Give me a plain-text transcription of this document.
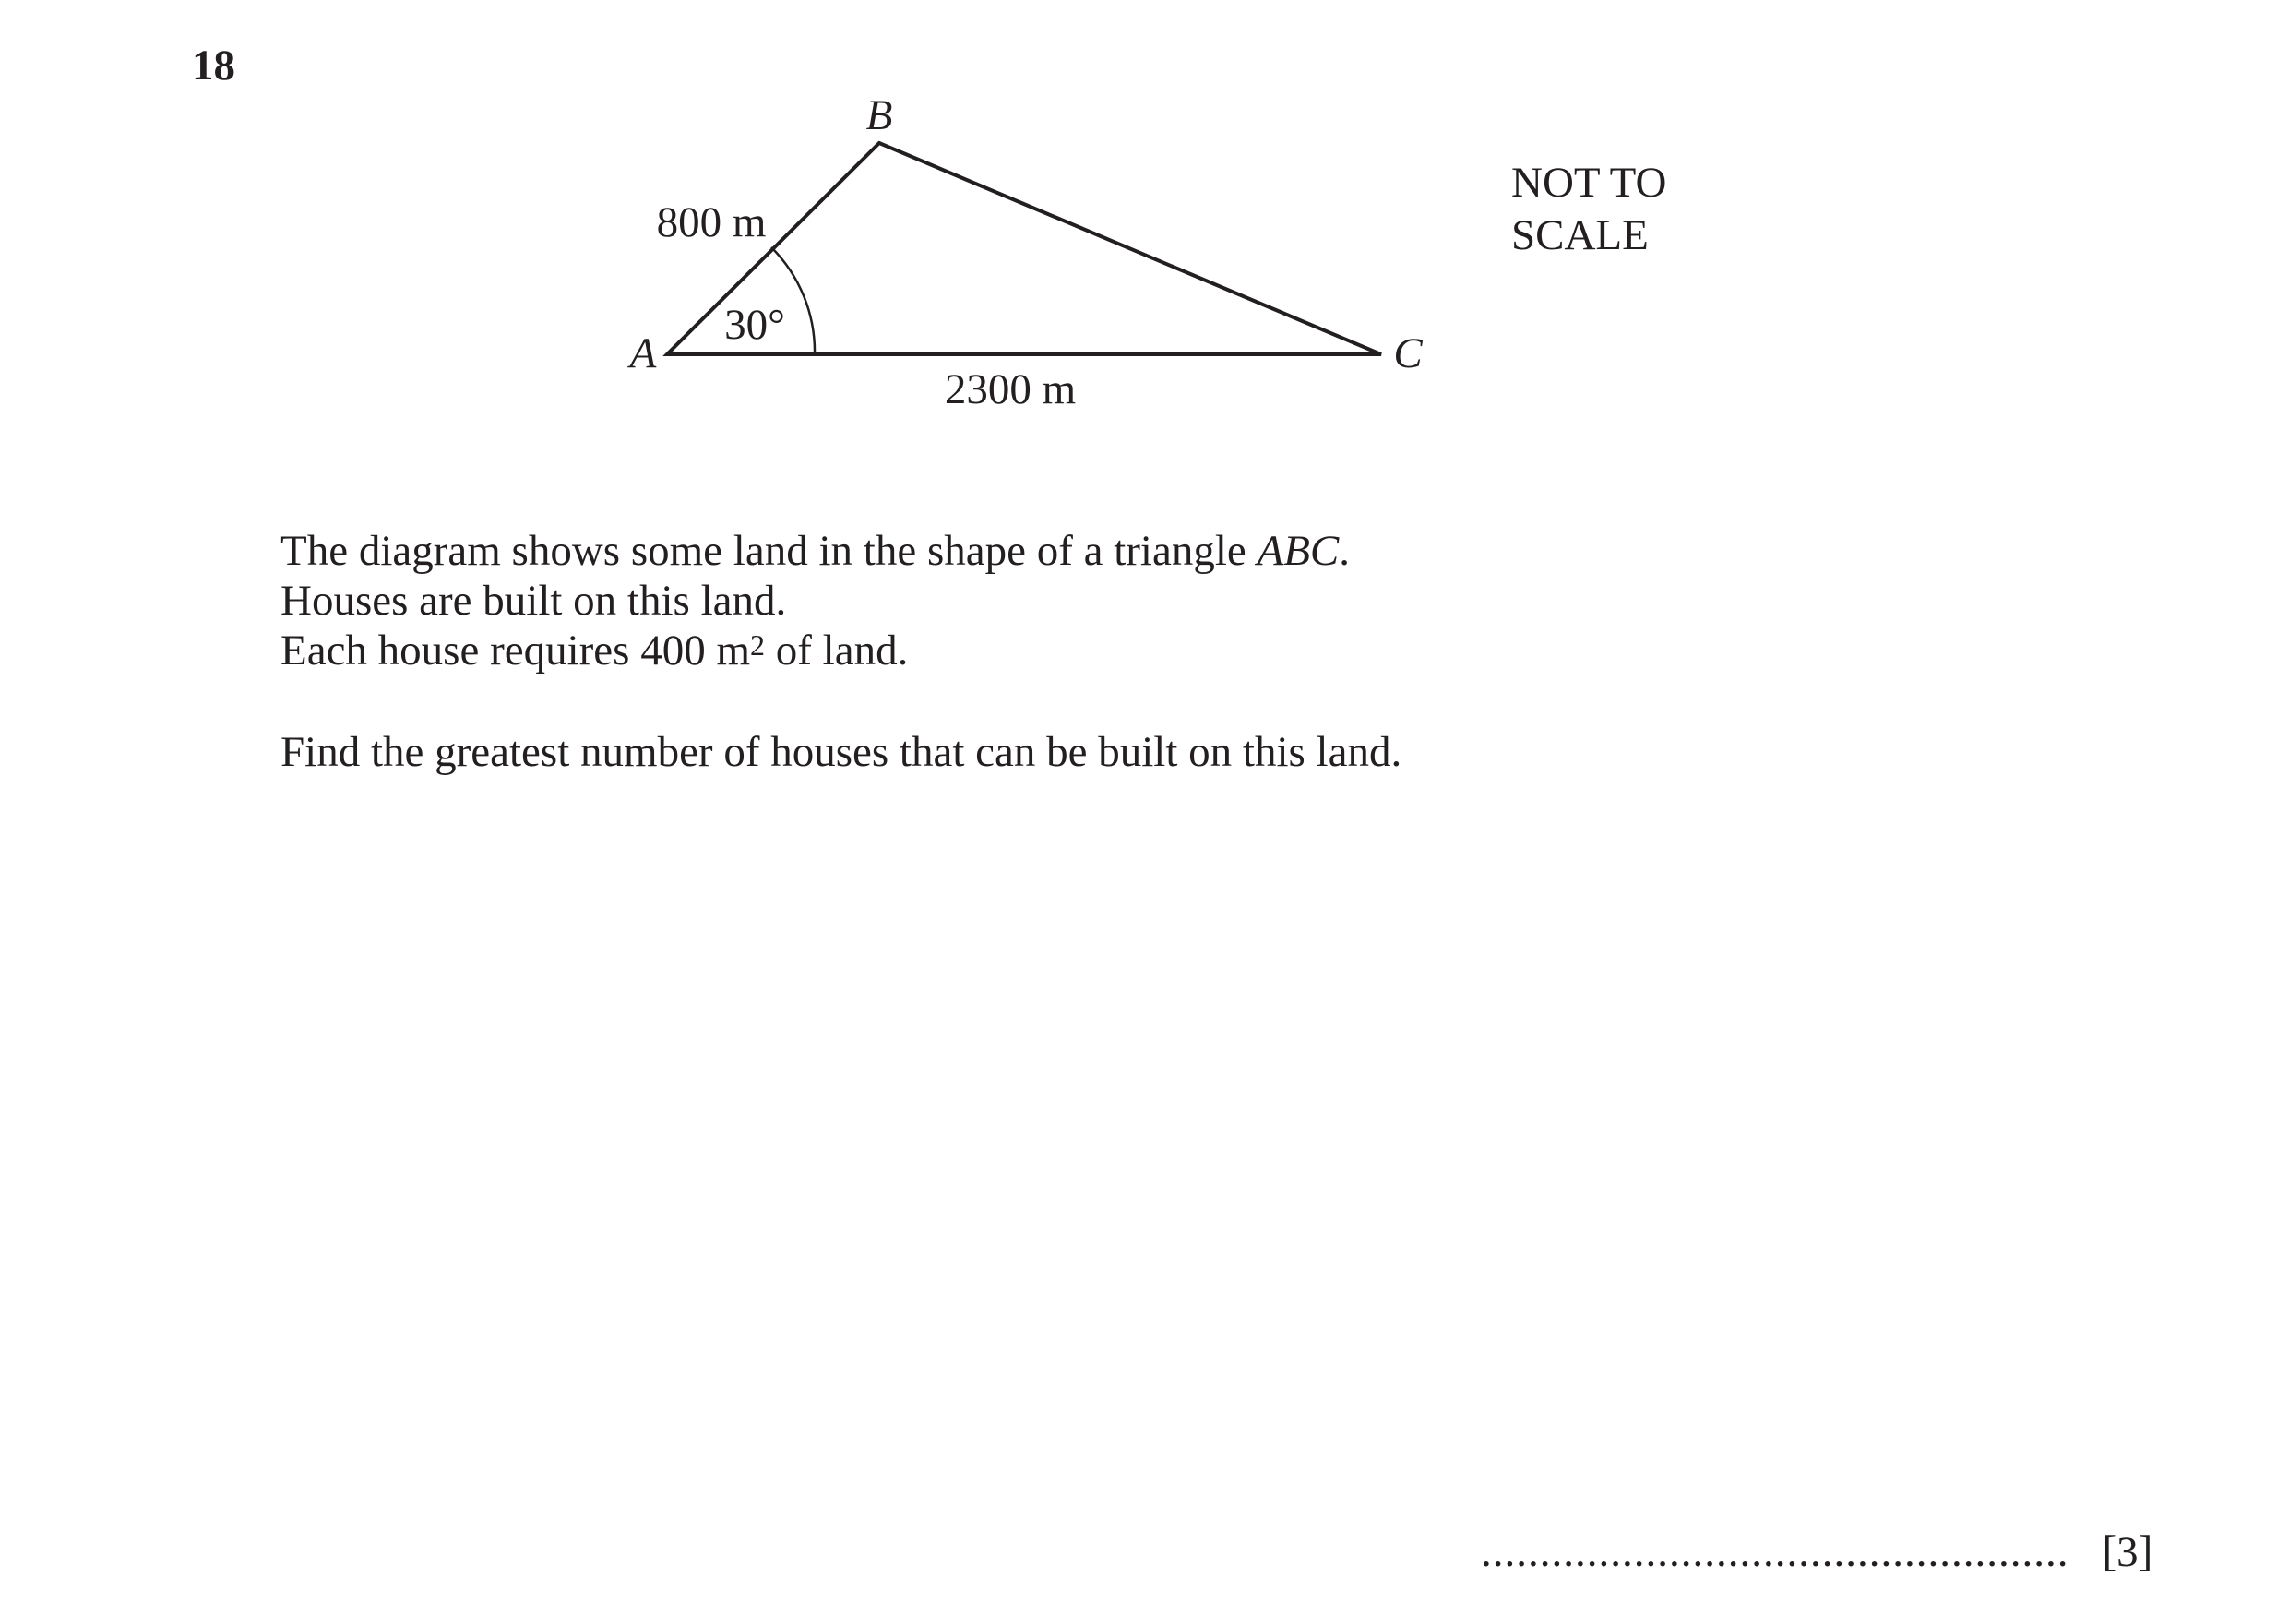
18
B
A	C
800 m
2300 m
30°
NOT TO
SCALE

The diagram shows some land in the shape of a triangle ABC.

Houses are built on this land.

Each house requires 400 $m^2$ of land.

Find the greatest number of houses that can be built on this land.

.................................................. [3]
